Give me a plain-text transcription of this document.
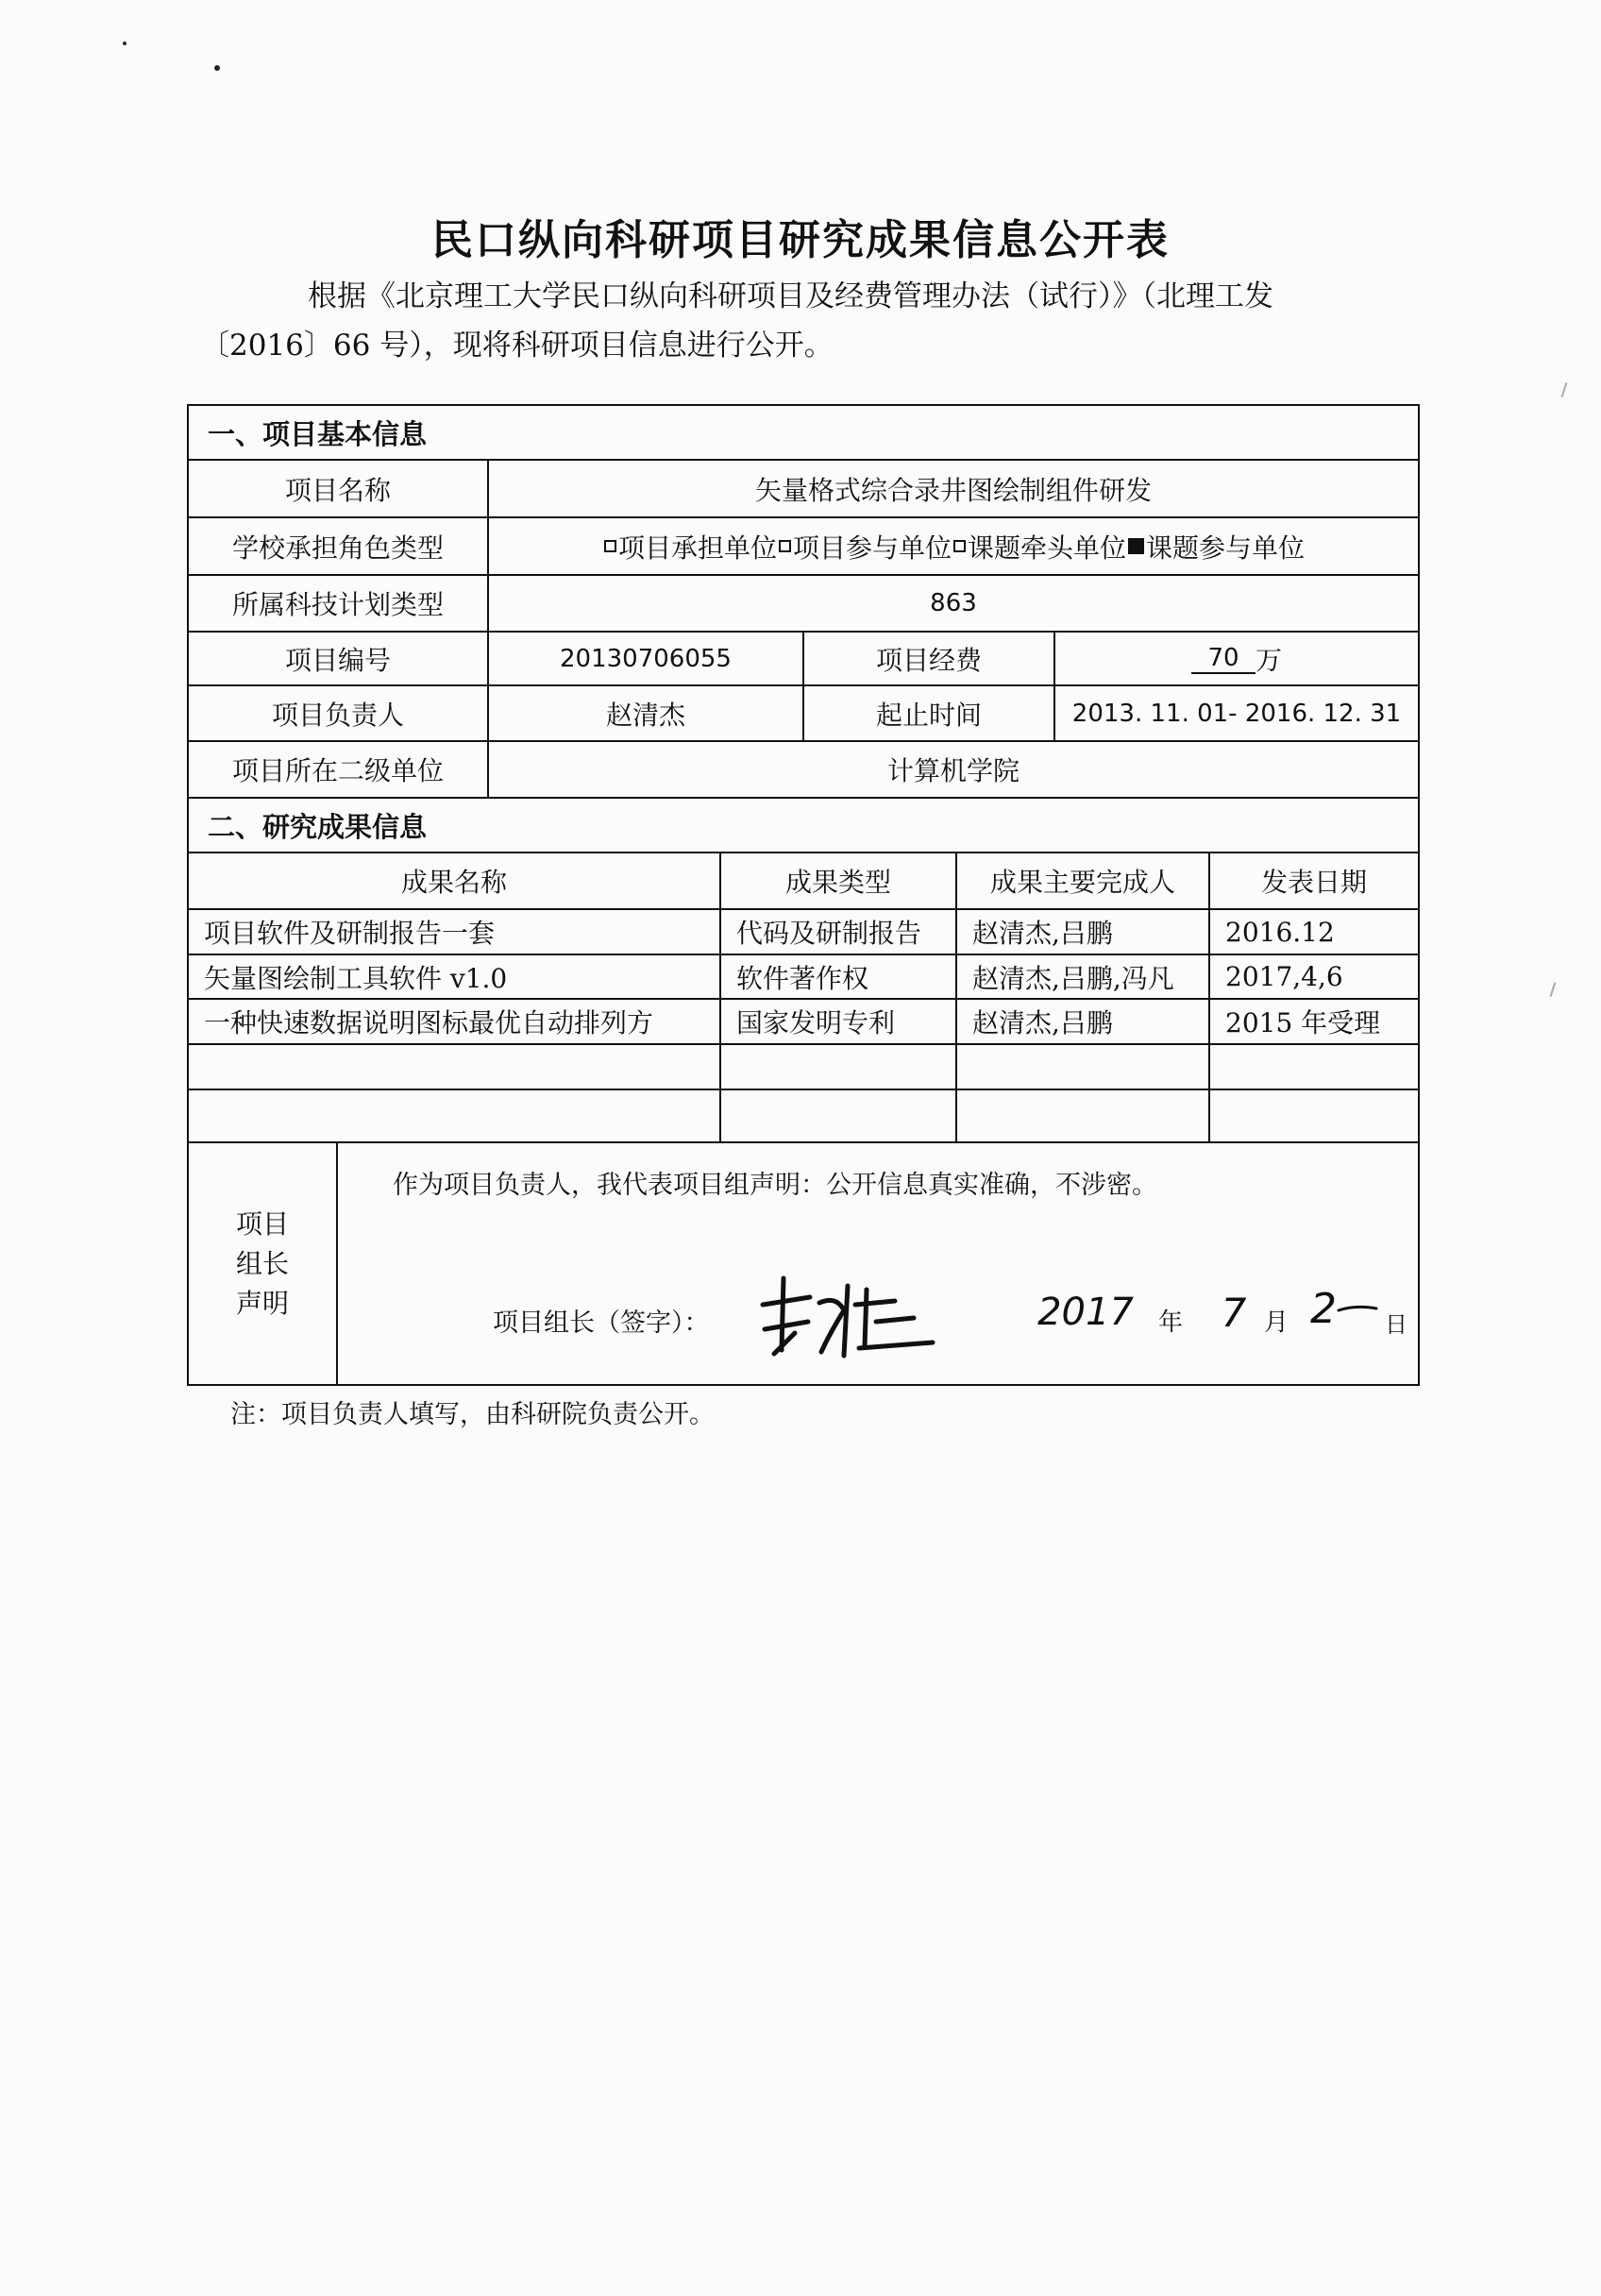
民口纵向科研项目研究成果信息公开表
根据《北京理工大学民口纵向科研项目及经费管理办法（试行）》（北理工发
〔2016〕66 号），现将科研项目信息进行公开。
一、项目基本信息
项目名称	矢量格式综合录井图绘制组件研发
学校承担角色类型	项目承担单位 项目参与单位 课题牵头单位 课题参与单位
所属科技计划类型	863
项目编号	20130706055	项目经费	70 万
项目负责人	赵清杰	起止时间	2013. 11. 01- 2016. 12. 31
项目所在二级单位	计算机学院
二、研究成果信息
成果名称	成果类型	成果主要完成人	发表日期
项目软件及研制报告一套	代码及研制报告	赵清杰,吕鹏	2016.12
矢量图绘制工具软件 v1.0	软件著作权	赵清杰,吕鹏,冯凡	2017,4,6
一种快速数据说明图标最优自动排列方	国家发明专利	赵清杰,吕鹏	2015 年受理
项目
组长
声明
作为项目负责人，我代表项目组声明：公开信息真实准确，不涉密。
项目组长（签字）：	2017	年 7 月 2	日
注：项目负责人填写，由科研院负责公开。
